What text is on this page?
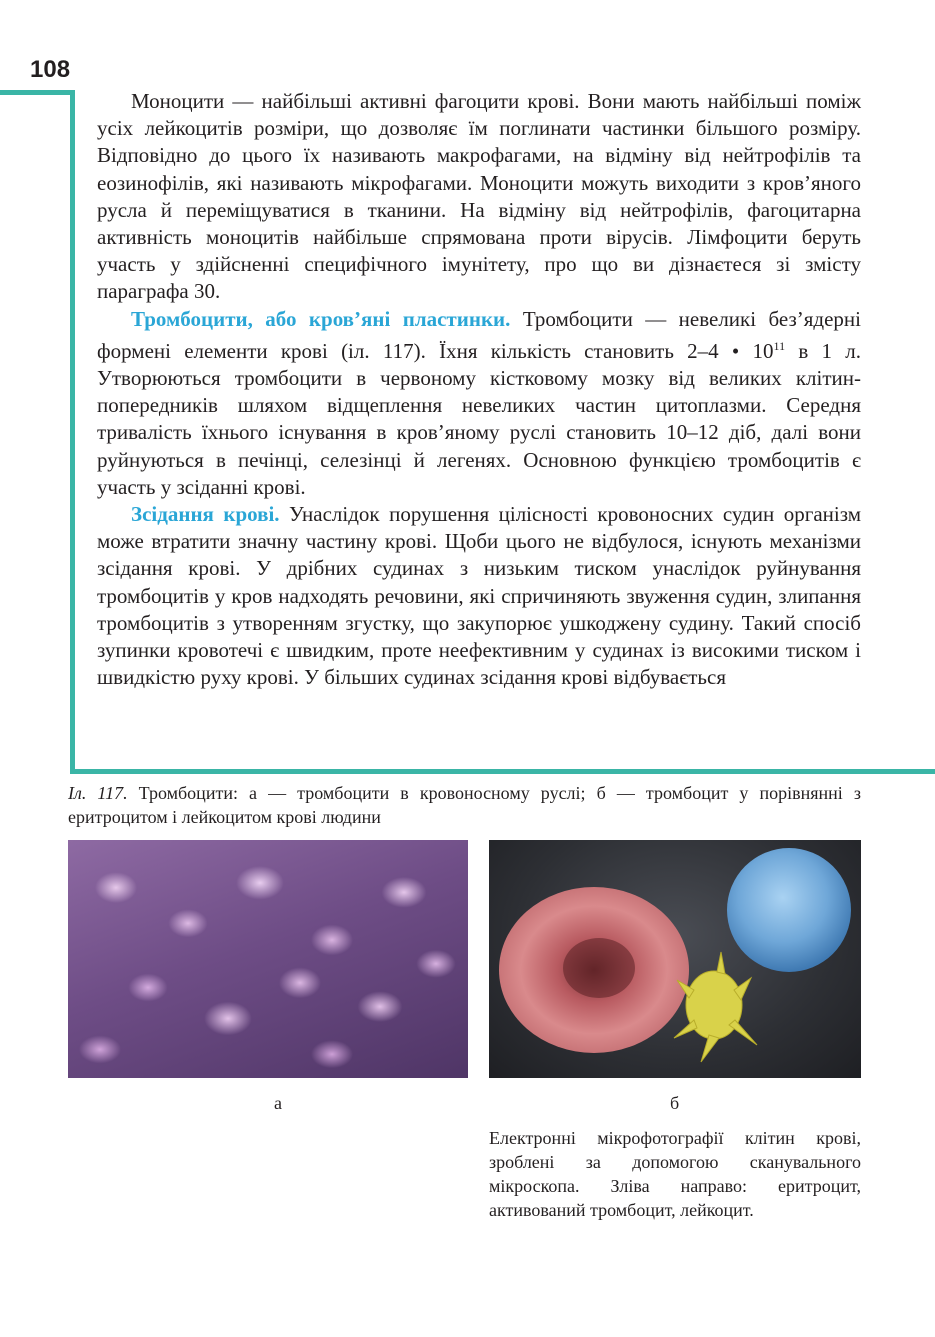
108

Моноцити — найбільші активні фагоцити крові. Вони мають найбільші поміж усіх лейкоцитів розміри, що дозволяє їм поглинати частинки більшого розміру. Відповідно до цього їх називають макрофагами, на відміну від нейтрофілів та еозинофілів, які називають мікрофагами. Моноцити можуть виходити з кров’яного русла й переміщуватися в тканини. На відміну від нейтрофілів, фагоцитарна активність моноцитів найбільше спрямована проти вірусів. Лімфоцити беруть участь у здійсненні специфічного імунітету, про що ви дізнаєтеся зі змісту параграфа 30.

Тромбоцити, або кров’яні пластинки. Тромбоцити — невеликі без’ядерні формені елементи крові (іл. 117). Їхня кількість становить 2–4 • $10^{11}$ в 1 л. Утворюються тромбоцити в червоному кістковому мозку від великих клітин-попередників шляхом відщеплення невеликих частин цитоплазми. Середня тривалість їхнього існування в кров’яному руслі становить 10–12 діб, далі вони руйнуються в печінці, селезінці й легенях. Основною функцією тромбоцитів є участь у зсіданні крові.

Зсідання крові. Унаслідок порушення цілісності кровоносних судин організм може втратити значну частину крові. Щоби цього не відбулося, існують механізми зсідання крові. У дрібних судинах з низьким тиском унаслідок руйнування тромбоцитів у кров надходять речовини, які спричиняють звуження судин, злипання тромбоцитів з утворенням згустку, що закупорює ушкоджену судину. Такий спосіб зупинки кровотечі є швидким, проте неефективним у судинах із високими тиском і швидкістю руху крові. У більших судинах зсідання крові відбувається

Іл. 117. Тромбоцити: а — тромбоцити в кровоносному руслі; б — тромбоцит у порівнянні з еритроцитом і лейкоцитом крові людини
а	б
Електронні мікрофотографії клітин крові, зроблені за допомогою сканувального мікроскопа. Зліва направо: еритроцит, активований тромбоцит, лейкоцит.
